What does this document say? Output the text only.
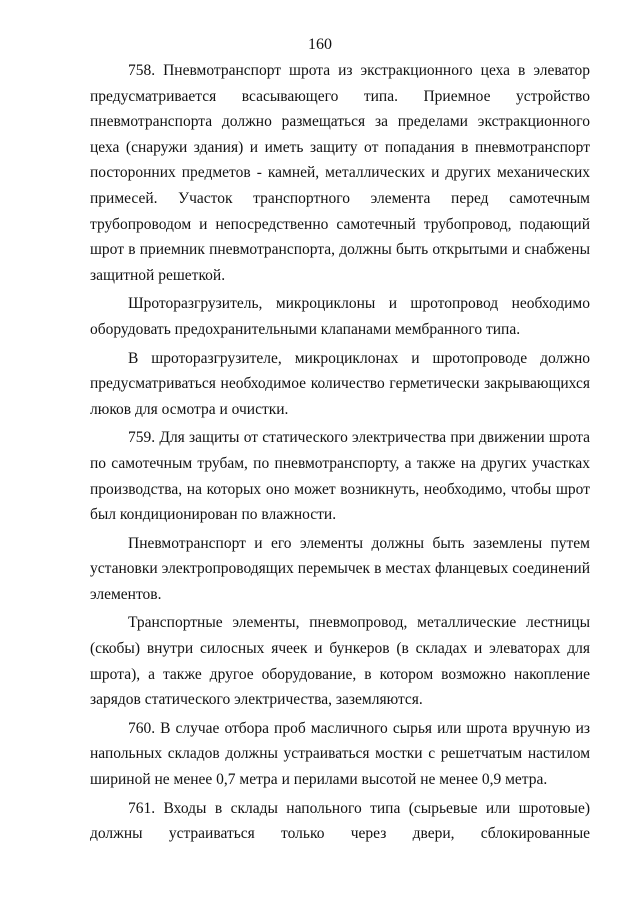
160

758. Пневмотранспорт шрота из экстракционного цеха в элеватор предусматривается всасывающего типа. Приемное устройство пневмотранспорта должно размещаться за пределами экстракционного цеха (снаружи здания) и иметь защиту от попадания в пневмотранспорт посторонних предметов - камней, металлических и других механических примесей. Участок транспортного элемента перед самотечным трубопроводом и непосредственно самотечный трубопровод, подающий шрот в приемник пневмотранспорта, должны быть открытыми и снабжены защитной решеткой.

Шроторазгрузитель, микроциклоны и шротопровод необходимо оборудовать предохранительными клапанами мембранного типа.

В шроторазгрузителе, микроциклонах и шротопроводе должно предусматриваться необходимое количество герметически закрывающихся люков для осмотра и очистки.

759. Для защиты от статического электричества при движении шрота по самотечным трубам, по пневмотранспорту, а также на других участках производства, на которых оно может возникнуть, необходимо, чтобы шрот был кондиционирован по влажности.

Пневмотранспорт и его элементы должны быть заземлены путем установки электропроводящих перемычек в местах фланцевых соединений элементов.

Транспортные элементы, пневмопровод, металлические лестницы (скобы) внутри силосных ячеек и бункеров (в складах и элеваторах для шрота), а также другое оборудование, в котором возможно накопление зарядов статического электричества, заземляются.

760. В случае отбора проб масличного сырья или шрота вручную из напольных складов должны устраиваться мостки с решетчатым настилом шириной не менее 0,7 метра и перилами высотой не менее 0,9 метра.

761. Входы в склады напольного типа (сырьевые или шротовые) должны устраиваться только через двери, сблокированные
